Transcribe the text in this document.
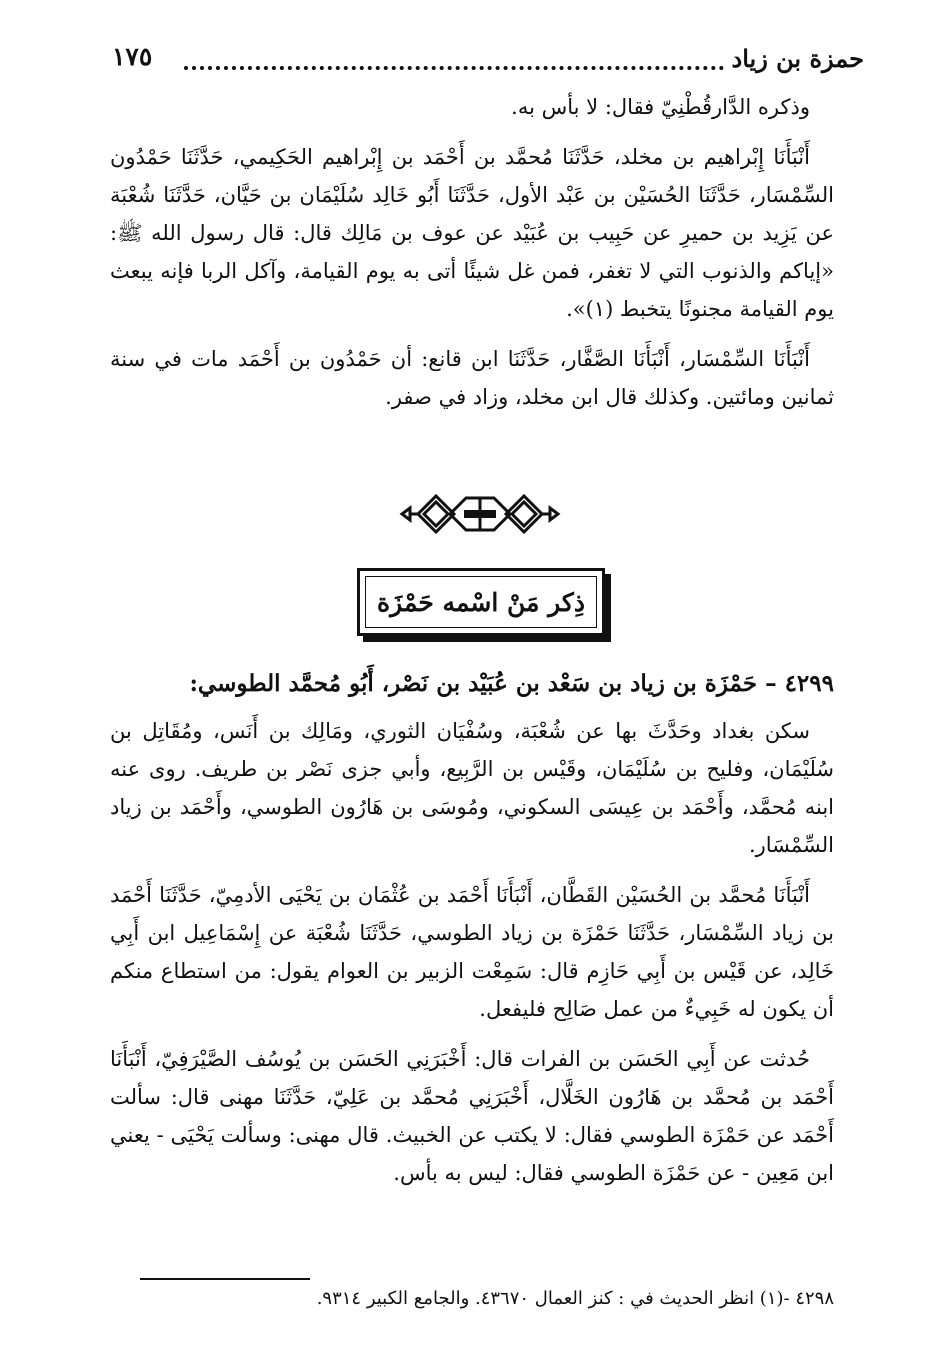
حمزة بن زياد
١٧٥

وذكره الدَّارقُطْنِيّ فقال: لا بأس به.

أَنْبَأَنَا إِبْراهيم بن مخلد، حَدَّثَنَا مُحمَّد بن أَحْمَد بن إِبْراهيم الحَكِيمي، حَدَّثَنَا حَمْدُون السِّمْسَار، حَدَّثَنَا الحُسَيْن بن عَبْد الأول، حَدَّثَنَا أَبُو خَالِد سُلَيْمَان بن حَيَّان، حَدَّثَنَا شُعْبَة عن يَزِيد بن حميرِ عن حَبِيب بن عُبَيْد عن عوف بن مَالِك قال: قال رسول الله ﷺ: «إياكم والذنوب التي لا تغفر، فمن غل شيئًا أتى به يوم القيامة، وآكل الربا فإنه يبعث يوم القيامة مجنونًا يتخبط (١)».

أَنْبَأَنَا السِّمْسَار، أَنْبَأَنَا الصَّفَّار، حَدَّثَنَا ابن قانع: أن حَمْدُون بن أَحْمَد مات في سنة ثمانين ومائتين. وكذلك قال ابن مخلد، وزاد في صفر.

ذِكر مَنْ اسْمه حَمْزَة
٤٢٩٩ – حَمْزَة بن زياد بن سَعْد بن عُبَيْد بن نَصْر، أَبُو مُحمَّد الطوسي:

سكن بغداد وحَدَّثَ بها عن شُعْبَة، وسُفْيَان الثوري، ومَالِك بن أَنَس، ومُقَاتِل بن سُلَيْمَان، وفليح بن سُلَيْمَان، وقَيْس بن الرَّبِيع، وأبي جزى نَصْر بن طريف. روى عنه ابنه مُحمَّد، وأَحْمَد بن عِيسَى السكوني، ومُوسَى بن هَارُون الطوسي، وأَحْمَد بن زياد السِّمْسَار.

أَنْبَأَنَا مُحمَّد بن الحُسَيْن القَطَّان، أَنْبَأَنَا أَحْمَد بن عُثْمَان بن يَحْيَى الأدمِيّ، حَدَّثَنَا أَحْمَد بن زياد السِّمْسَار، حَدَّثَنَا حَمْزَة بن زياد الطوسي، حَدَّثَنَا شُعْبَة عن إِسْمَاعِيل ابن أَبِي خَالِد، عن قَيْس بن أَبِي حَازِم قال: سَمِعْت الزبير بن العوام يقول: من استطاع منكم أن يكون له خَبِيءٌ من عمل صَالِح فليفعل.

حُدثت عن أَبِي الحَسَن بن الفرات قال: أَخْبَرَنِي الحَسَن بن يُوسُف الصَّيْرَفِيّ، أَنْبَأَنَا أَحْمَد بن مُحمَّد بن هَارُون الخَلَّال، أَخْبَرَنِي مُحمَّد بن عَلِيّ، حَدَّثَنَا مهنى قال: سألت أَحْمَد عن حَمْزَة الطوسي فقال: لا يكتب عن الخبيث. قال مهنى: وسألت يَحْيَى - يعني ابن مَعِين - عن حَمْزَة الطوسي فقال: ليس به بأس.

٤٢٩٨ -(١) انظر الحديث في : كنز العمال ٤٣٦٧٠. والجامع الكبير ٩٣١٤.
